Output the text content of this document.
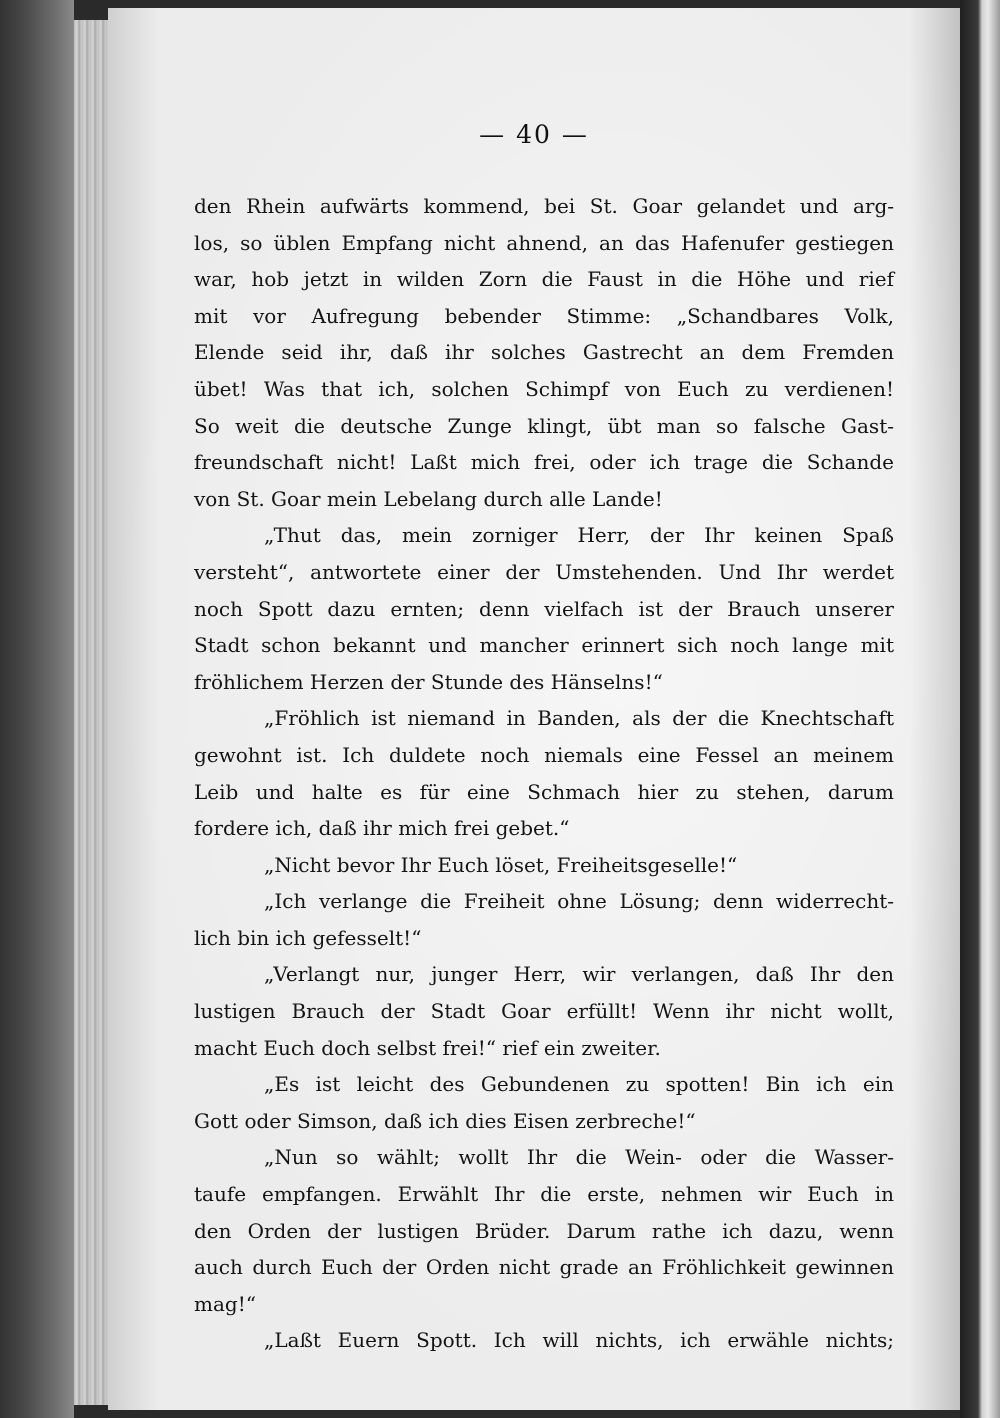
— 40 —
den Rhein aufwärts kommend, bei St. Goar gelandet und arg-
los, so üblen Empfang nicht ahnend, an das Hafenufer gestiegen
war, hob jetzt in wilden Zorn die Faust in die Höhe und rief
mit vor Aufregung bebender Stimme: „Schandbares Volk,
Elende seid ihr, daß ihr solches Gastrecht an dem Fremden
übet! Was that ich, solchen Schimpf von Euch zu verdienen!
So weit die deutsche Zunge klingt, übt man so falsche Gast-
freundschaft nicht! Laßt mich frei, oder ich trage die Schande
von St. Goar mein Lebelang durch alle Lande!
„Thut das, mein zorniger Herr, der Ihr keinen Spaß
versteht“, antwortete einer der Umstehenden. Und Ihr werdet
noch Spott dazu ernten; denn vielfach ist der Brauch unserer
Stadt schon bekannt und mancher erinnert sich noch lange mit
fröhlichem Herzen der Stunde des Hänselns!“
„Fröhlich ist niemand in Banden, als der die Knechtschaft
gewohnt ist. Ich duldete noch niemals eine Fessel an meinem
Leib und halte es für eine Schmach hier zu stehen, darum
fordere ich, daß ihr mich frei gebet.“
„Nicht bevor Ihr Euch löset, Freiheitsgeselle!“
„Ich verlange die Freiheit ohne Lösung; denn widerrecht-
lich bin ich gefesselt!“
„Verlangt nur, junger Herr, wir verlangen, daß Ihr den
lustigen Brauch der Stadt Goar erfüllt! Wenn ihr nicht wollt,
macht Euch doch selbst frei!“ rief ein zweiter.
„Es ist leicht des Gebundenen zu spotten! Bin ich ein
Gott oder Simson, daß ich dies Eisen zerbreche!“
„Nun so wählt; wollt Ihr die Wein- oder die Wasser-
taufe empfangen. Erwählt Ihr die erste, nehmen wir Euch in
den Orden der lustigen Brüder. Darum rathe ich dazu, wenn
auch durch Euch der Orden nicht grade an Fröhlichkeit gewinnen
mag!“
„Laßt Euern Spott. Ich will nichts, ich erwähle nichts;
